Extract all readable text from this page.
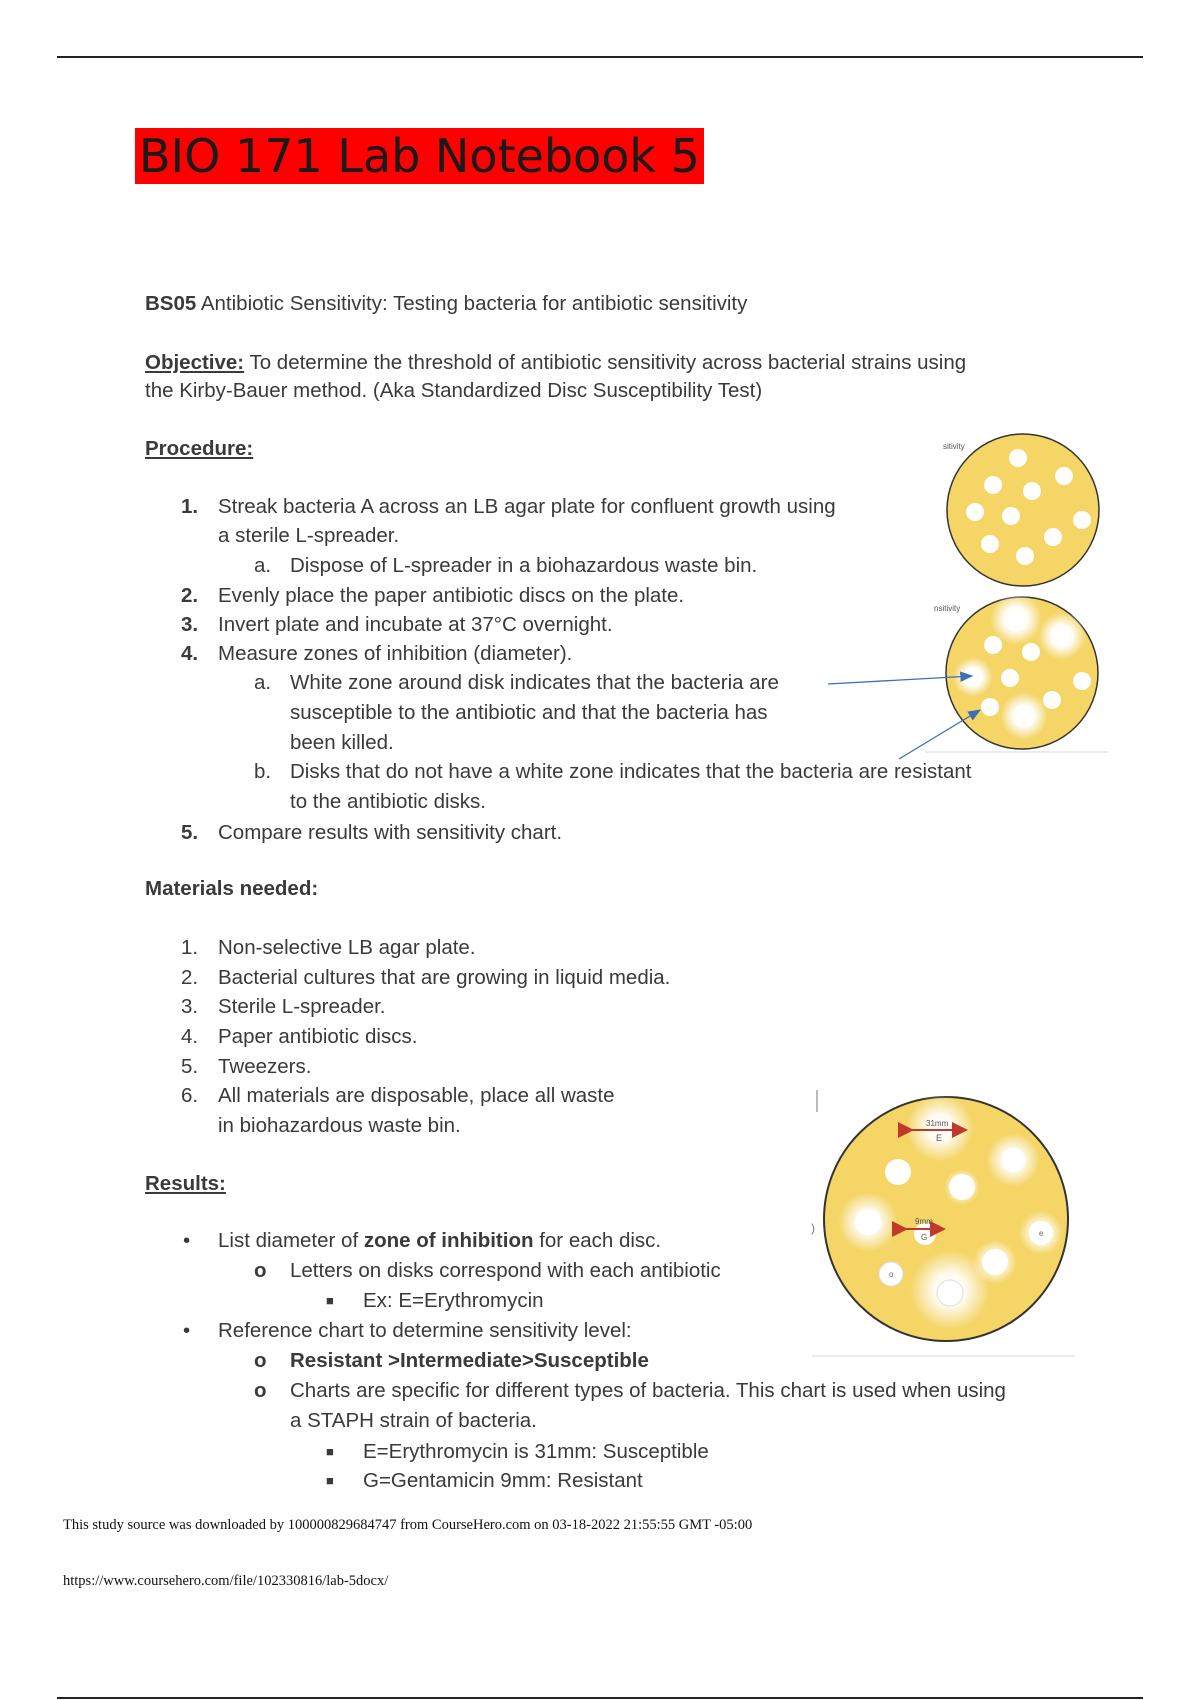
BIO 171 Lab Notebook 5
BS05 Antibiotic Sensitivity: Testing bacteria for antibiotic sensitivity
Objective: To determine the threshold of antibiotic sensitivity across bacterial strains using
the Kirby-Bauer method. (Aka Standardized Disc Susceptibility Test)
Procedure:
1. Streak bacteria A across an LB agar plate for confluent growth using
a sterile L-spreader.
a. Dispose of L-spreader in a biohazardous waste bin.
2. Evenly place the paper antibiotic discs on the plate.
3. Invert plate and incubate at 37°C overnight.
4. Measure zones of inhibition (diameter).
a. White zone around disk indicates that the bacteria are
susceptible to the antibiotic and that the bacteria has
been killed.
b. Disks that do not have a white zone indicates that the bacteria are resistant
to the antibiotic disks.
5. Compare results with sensitivity chart.
Materials needed:
1. Non-selective LB agar plate.
2. Bacterial cultures that are growing in liquid media.
3. Sterile L-spreader.
4. Paper antibiotic discs.
5. Tweezers.
6. All materials are disposable, place all waste
in biohazardous waste bin.
Results:
• List diameter of zone of inhibition for each disc.
o Letters on disks correspond with each antibiotic
■ Ex: E=Erythromycin
• Reference chart to determine sensitivity level:
o Resistant >Intermediate>Susceptible
o Charts are specific for different types of bacteria. This chart is used when using
a STAPH strain of bacteria.
■ E=Erythromycin is 31mm: Susceptible
■ G=Gentamicin 9mm: Resistant
sitivity
nsitivity
)
o
e
31mm
E
9mm
G
This study source was downloaded by 100000829684747 from CourseHero.com on 03-18-2022 21:55:55 GMT -05:00
https://www.coursehero.com/file/102330816/lab-5docx/
